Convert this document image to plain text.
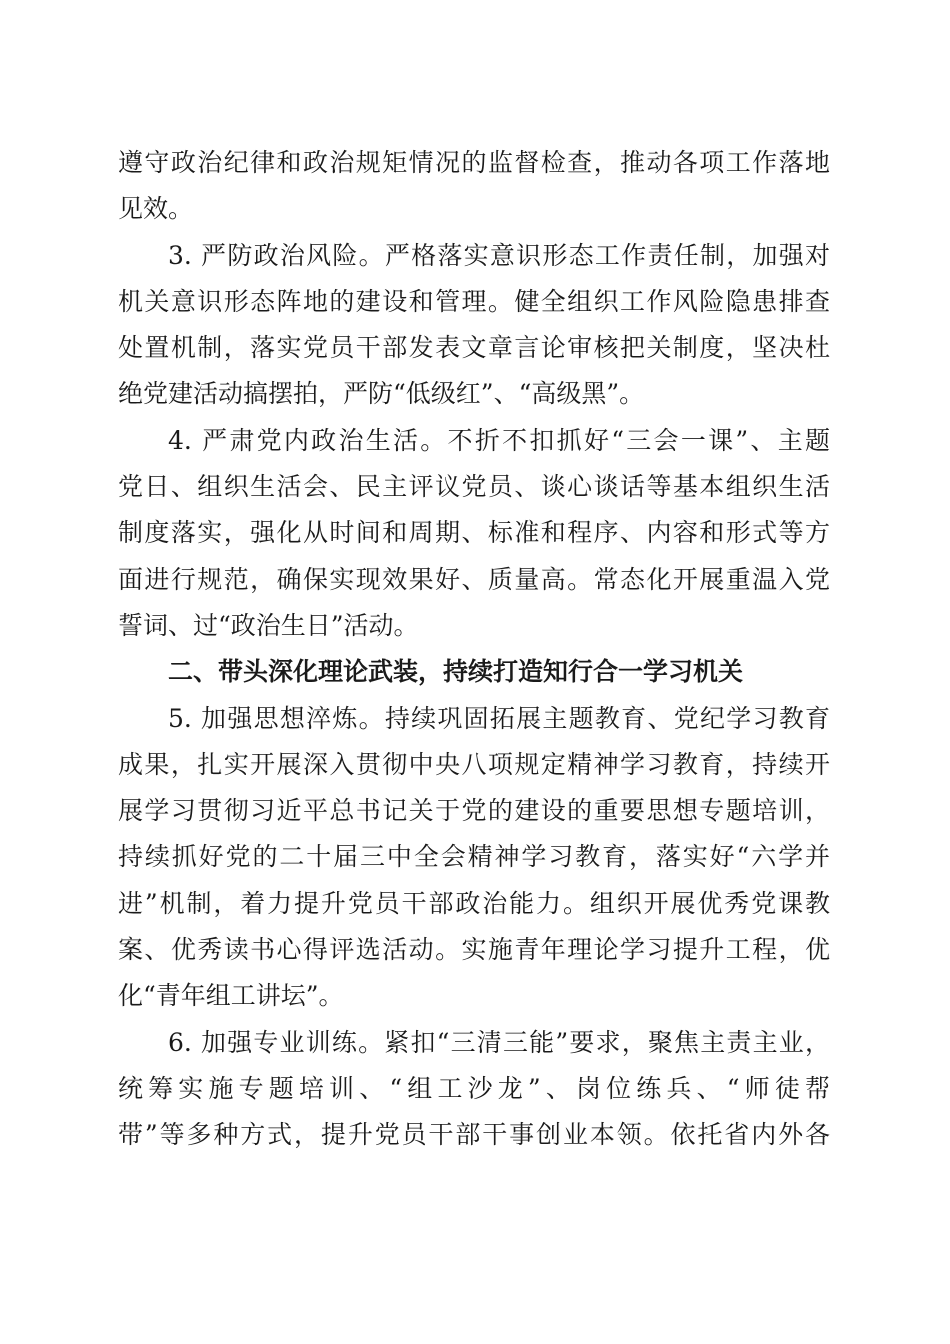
遵守政治纪律和政治规矩情况的监督检查，推动各项工作落地
见效。
3. 严防政治风险。严格落实意识形态工作责任制，加强对
机关意识形态阵地的建设和管理。健全组织工作风险隐患排查
处置机制，落实党员干部发表文章言论审核把关制度，坚决杜
绝党建活动搞摆拍，严防“低级红”、“高级黑”。
4. 严肃党内政治生活。不折不扣抓好“三会一课”、主题
党日、组织生活会、民主评议党员、谈心谈话等基本组织生活
制度落实，强化从时间和周期、标准和程序、内容和形式等方
面进行规范，确保实现效果好、质量高。常态化开展重温入党
誓词、过“政治生日”活动。
二、带头深化理论武装，持续打造知行合一学习机关
5. 加强思想淬炼。持续巩固拓展主题教育、党纪学习教育
成果，扎实开展深入贯彻中央八项规定精神学习教育，持续开
展学习贯彻习近平总书记关于党的建设的重要思想专题培训，
持续抓好党的二十届三中全会精神学习教育，落实好“六学并
进”机制，着力提升党员干部政治能力。组织开展优秀党课教
案、优秀读书心得评选活动。实施青年理论学习提升工程，优
化“青年组工讲坛”。
6. 加强专业训练。紧扣“三清三能”要求，聚焦主责主业，
统筹实施专题培训、“组工沙龙”、岗位练兵、“师徒帮
带”等多种方式，提升党员干部干事创业本领。依托省内外各
